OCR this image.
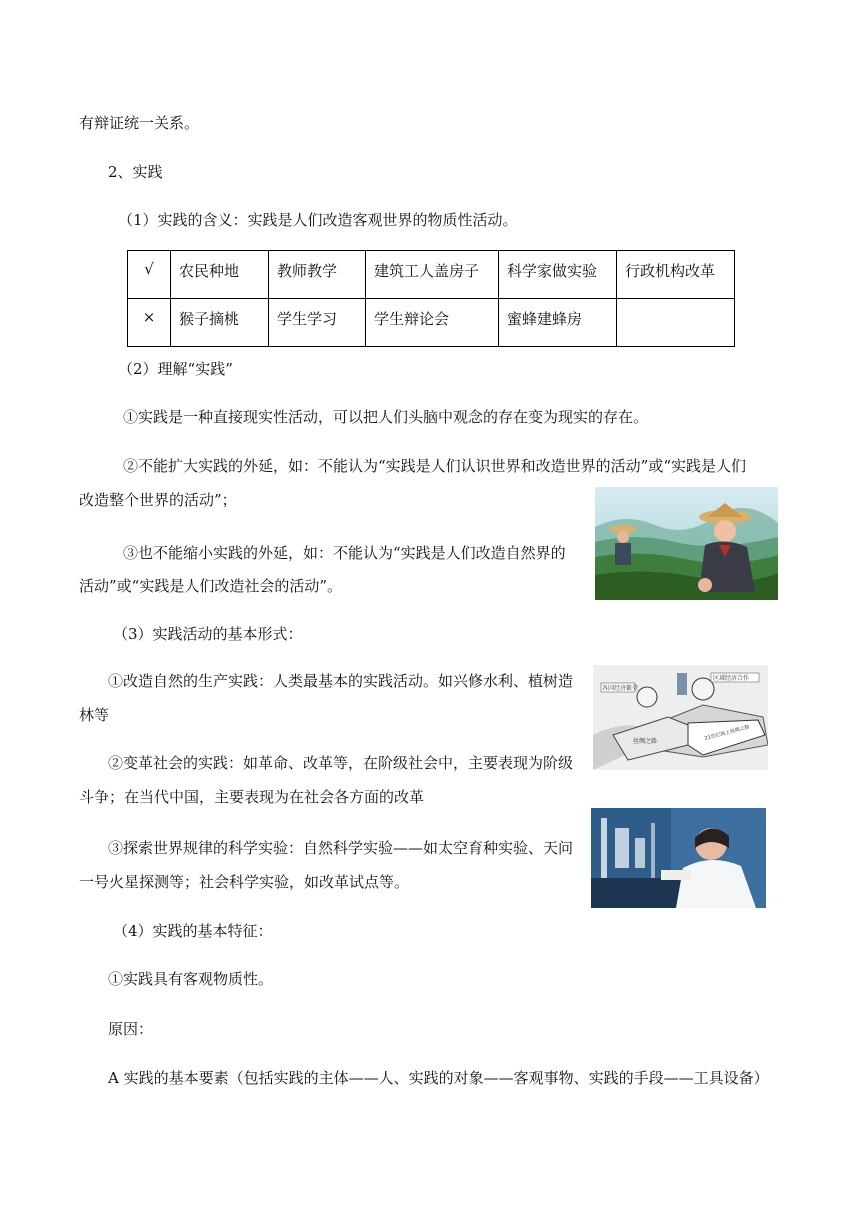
有辩证统一关系。
2、实践
（1）实践的含义：实践是人们改造客观世界的物质性活动。
√	农民种地	教师教学	建筑工人盖房子	科学家做实验	行政机构改革
×	猴子摘桃	学生学习	学生辩论会	蜜蜂建蜂房	
（2）理解“实践”
①实践是一种直接现实性活动，可以把人们头脑中观念的存在变为现实的存在。
②不能扩大实践的外延，如：不能认为“实践是人们认识世界和改造世界的活动”或“实践是人们
改造整个世界的活动”；
③也不能缩小实践的外延，如：不能认为“实践是人们改造自然界的
活动”或“实践是人们改造社会的活动”。
（3）实践活动的基本形式：
①改造自然的生产实践：人类最基本的实践活动。如兴修水利、植树造
林等
②变革社会的实践：如革命、改革等，在阶级社会中，主要表现为阶级
斗争；在当代中国，主要表现为在社会各方面的改革
③探索世界规律的科学实验：自然科学实验——如太空育种实验、天问
一号火星探测等；社会科学实验，如改革试点等。
（4）实践的基本特征：
①实践具有客观物质性。
原因：
A 实践的基本要素（包括实践的主体——人、实践的对象——客观事物、实践的手段——工具设备）
各国经济繁荣
区域经济合作
丝绸之路	21世纪海上丝绸之路
